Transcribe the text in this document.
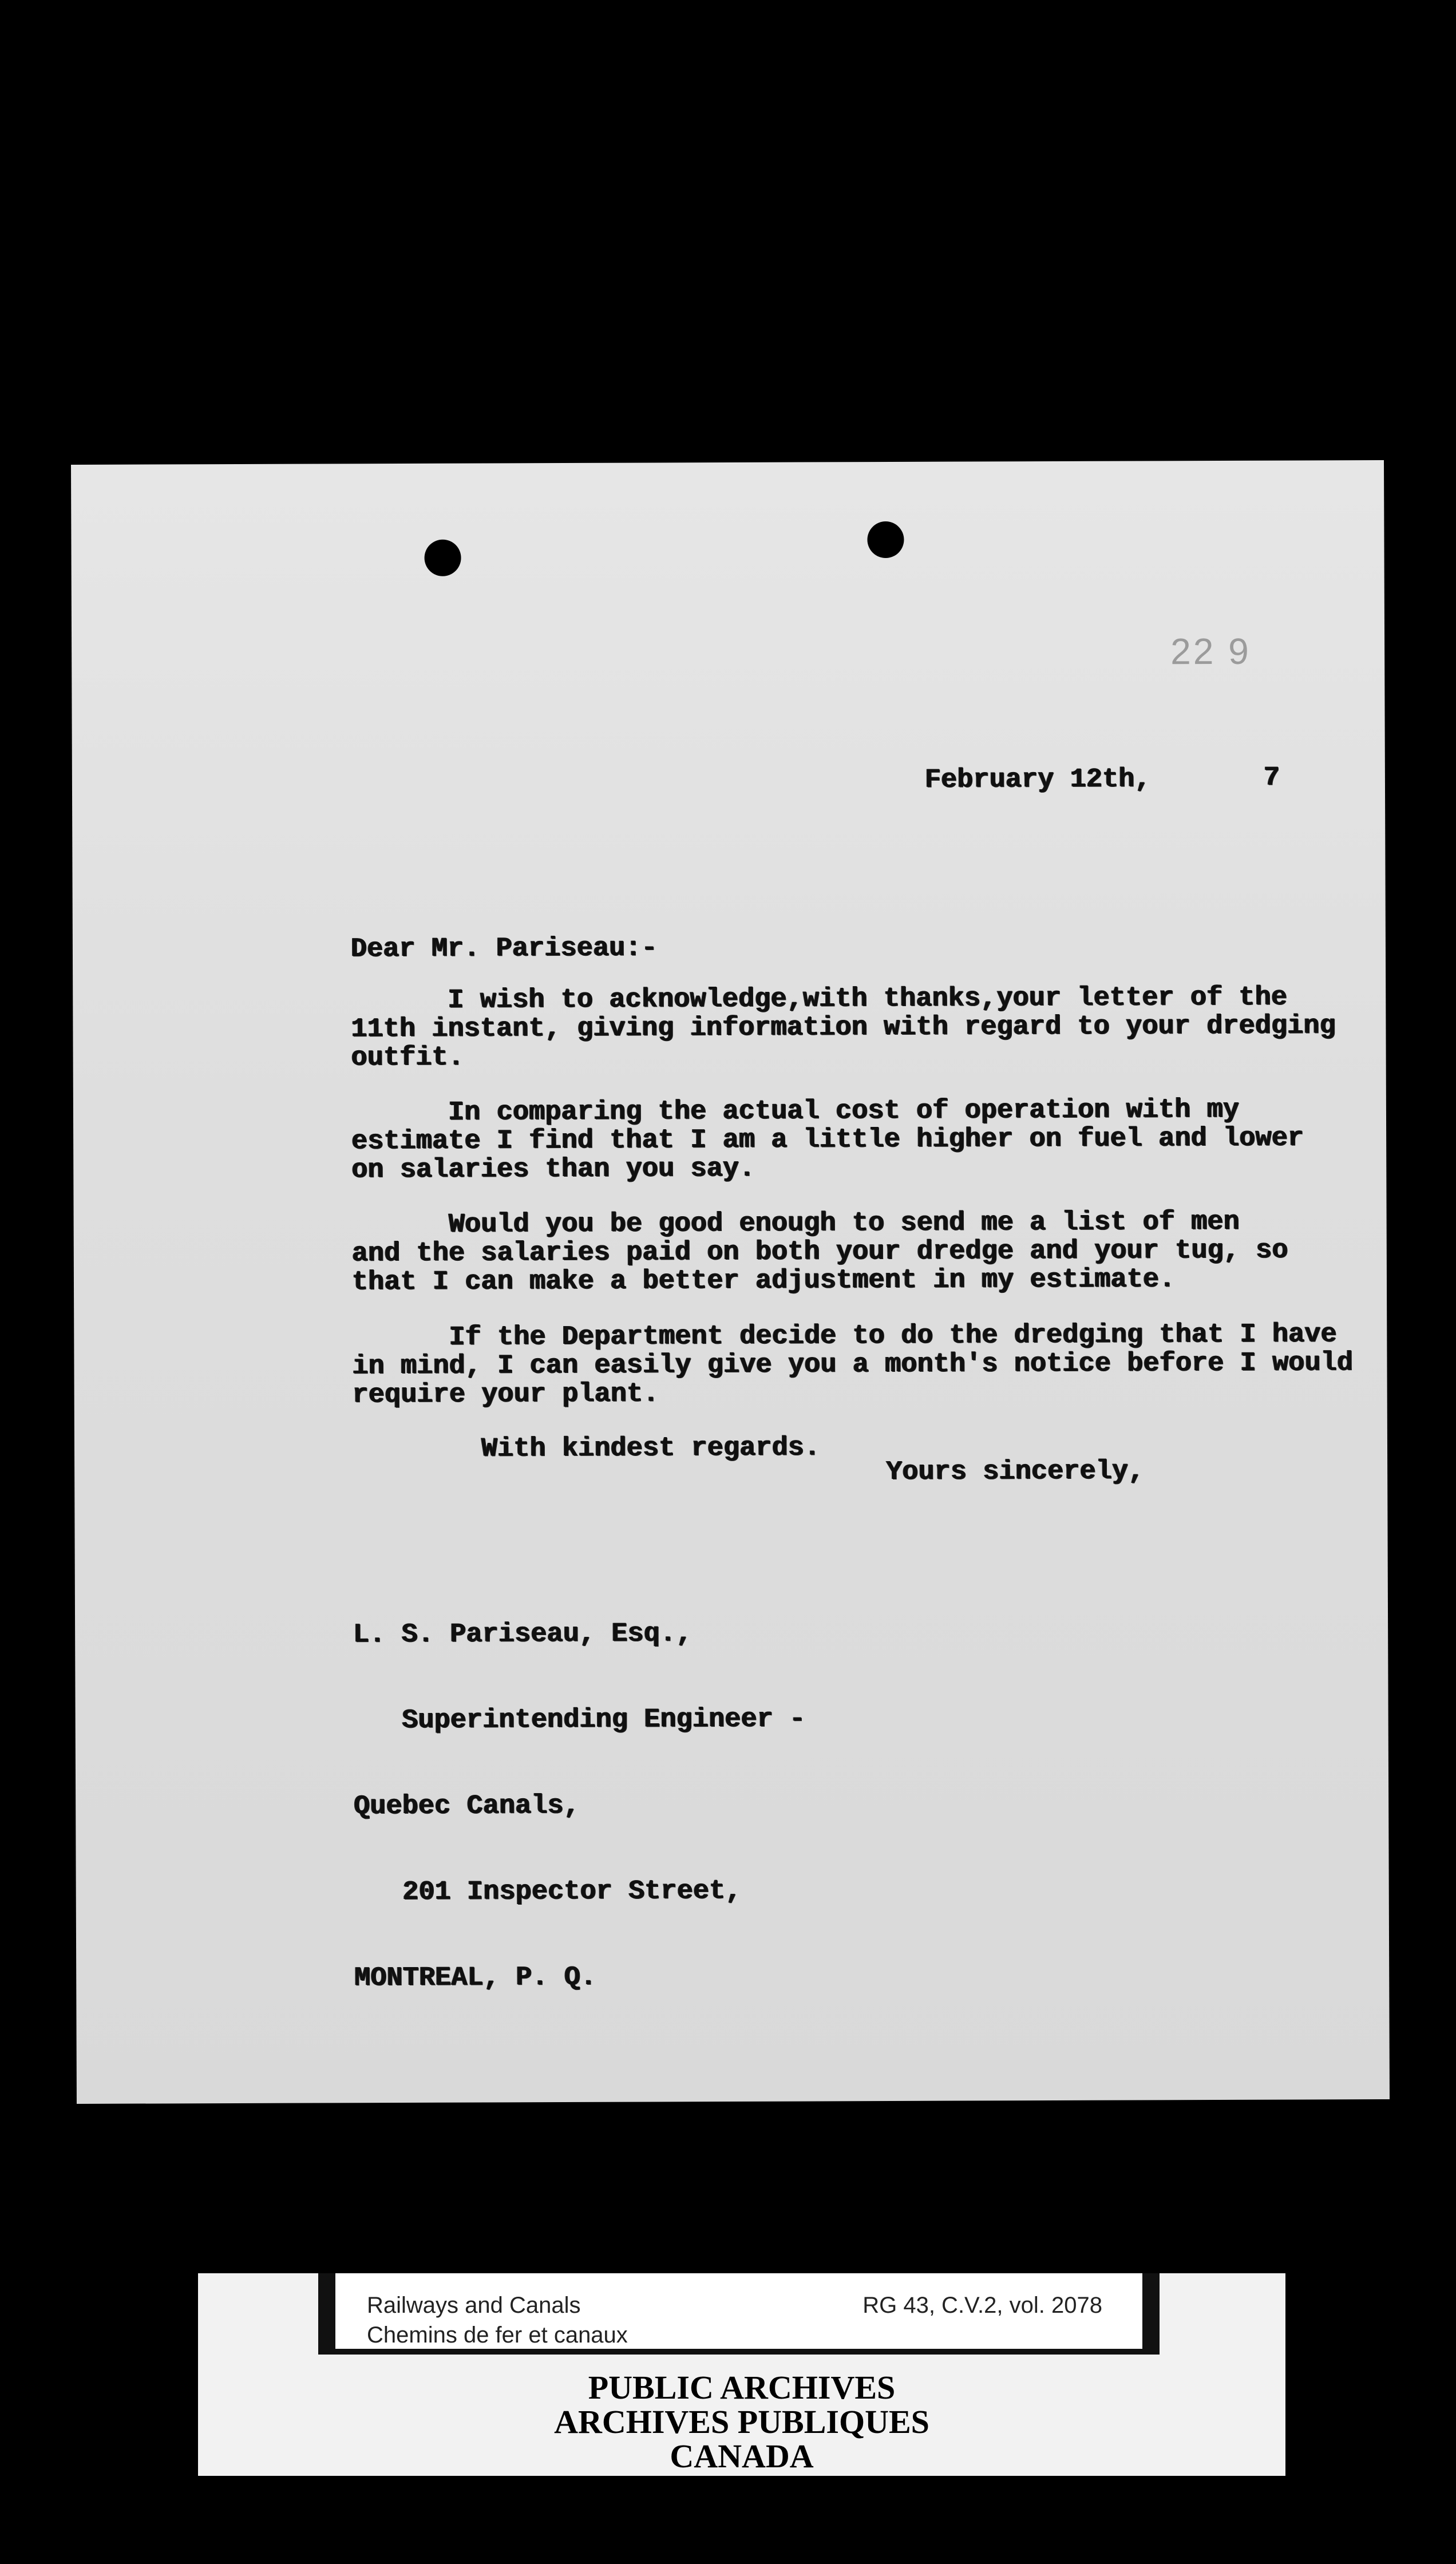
22 9
February 12th,	7
Dear Mr. Pariseau:-
I wish to acknowledge,with thanks,your letter of the
11th instant, giving information with regard to your dredging
outfit.
In comparing the actual cost of operation with my
estimate I find that I am a little higher on fuel and lower
on salaries than you say.
Would you be good enough to send me a list of men
and the salaries paid on both your dredge and your tug, so
that I can make a better adjustment in my estimate.
If the Department decide to do the dredging that I have
in mind, I can easily give you a month's notice before I would
require your plant.
With kindest regards.
Yours sincerely,

L. S. Pariseau, Esq.,

Superintending Engineer -

Quebec Canals,

201 Inspector Street,

MONTREAL, P. Q.

Railways and Canals
Chemins de fer et canaux
RG 43, C.V.2, vol. 2078
PUBLIC ARCHIVES
ARCHIVES PUBLIQUES
CANADA
